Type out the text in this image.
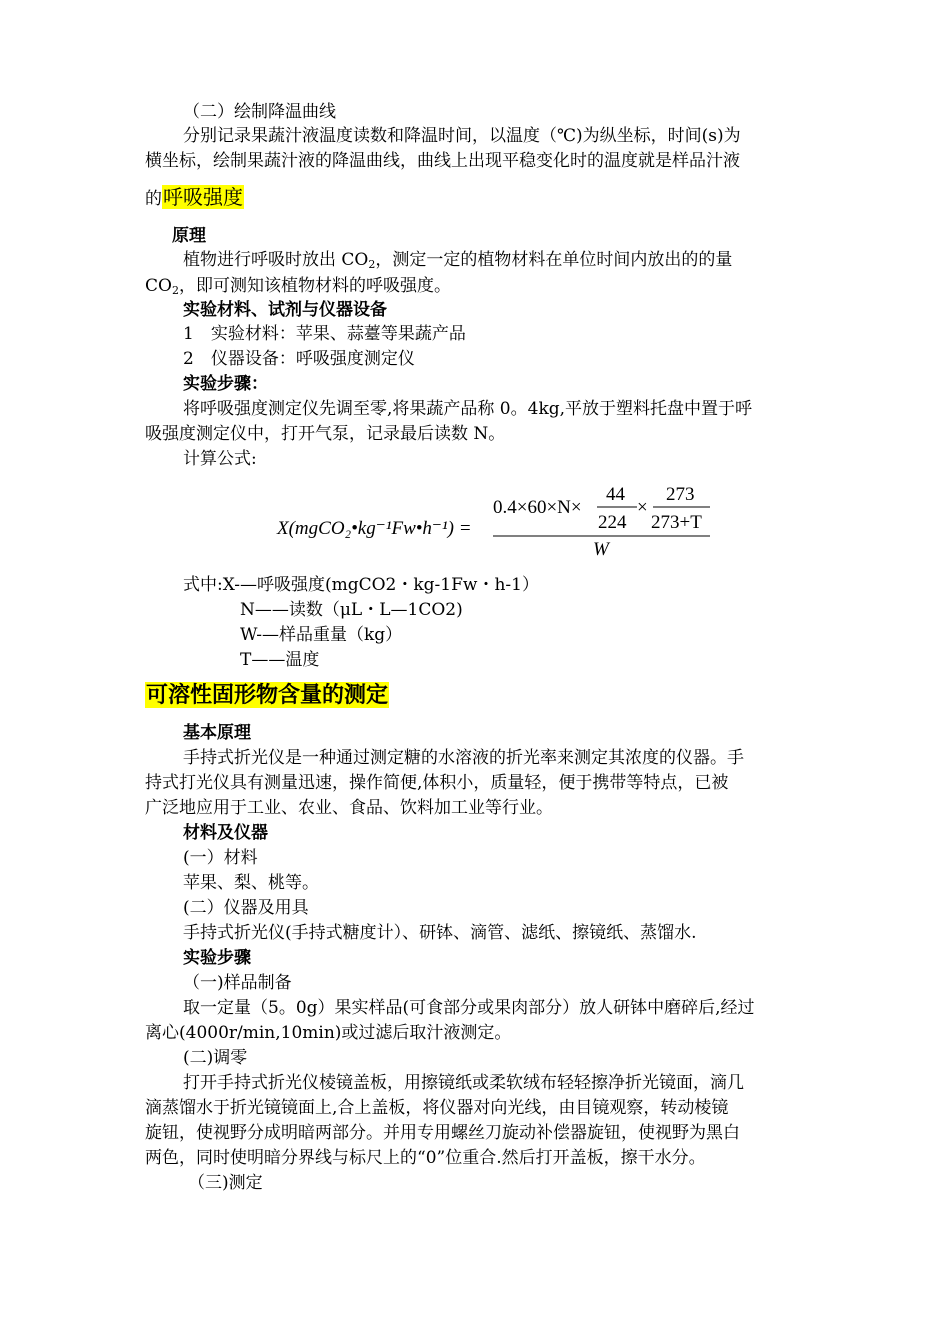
（二）绘制降温曲线
分别记录果蔬汁液温度读数和降温时间，以温度（℃)为纵坐标，时间(s)为
横坐标，绘制果蔬汁液的降温曲线，曲线上出现平稳变化时的温度就是样品汁液
的呼吸强度
原理
植物进行呼吸时放出 $CO_2$，测定一定的植物材料在单位时间内放出的的量
$CO_2$，即可测知该植物材料的呼吸强度。
实验材料、试剂与仪器设备
1　实验材料：苹果、蒜薹等果蔬产品
2　仪器设备：呼吸强度测定仪
实验步骤：
将呼吸强度测定仪先调至零,将果蔬产品称 0。4kg,平放于塑料托盘中置于呼
吸强度测定仪中，打开气泵，记录最后读数 N。
计算公式:
X(mgCO₂•kg⁻¹Fw•h⁻¹) =
0.4×60×N×
44
224
×
273
273+T
W
式中:X-—呼吸强度(mgCO2・kg-1Fw・h-1）
N——读数（μL・L—1CO2)
W-—样品重量（kg）
T——温度
可溶性固形物含量的测定
基本原理
手持式折光仪是一种通过测定糖的水溶液的折光率来测定其浓度的仪器。手
持式打光仪具有测量迅速，操作简便,体积小，质量轻，便于携带等特点，已被
广泛地应用于工业、农业、食品、饮料加工业等行业。
材料及仪器
(一）材料
苹果、梨、桃等。
(二）仪器及用具
手持式折光仪(手持式糖度计）、研钵、滴管、滤纸、擦镜纸、蒸馏水.
实验步骤
（一)样品制备
取一定量（5。0g）果实样品(可食部分或果肉部分）放人研钵中磨碎后,经过
离心(4000r/min,10min)或过滤后取汁液测定。
(二)调零
打开手持式折光仪棱镜盖板，用擦镜纸或柔软绒布轻轻擦净折光镜面，滴几
滴蒸馏水于折光镜镜面上,合上盖板，将仪器对向光线，由目镜观察，转动棱镜
旋钮，使视野分成明暗两部分。并用专用螺丝刀旋动补偿器旋钮，使视野为黑白
两色，同时使明暗分界线与标尺上的“0”位重合.然后打开盖板，擦干水分。
（三)测定
